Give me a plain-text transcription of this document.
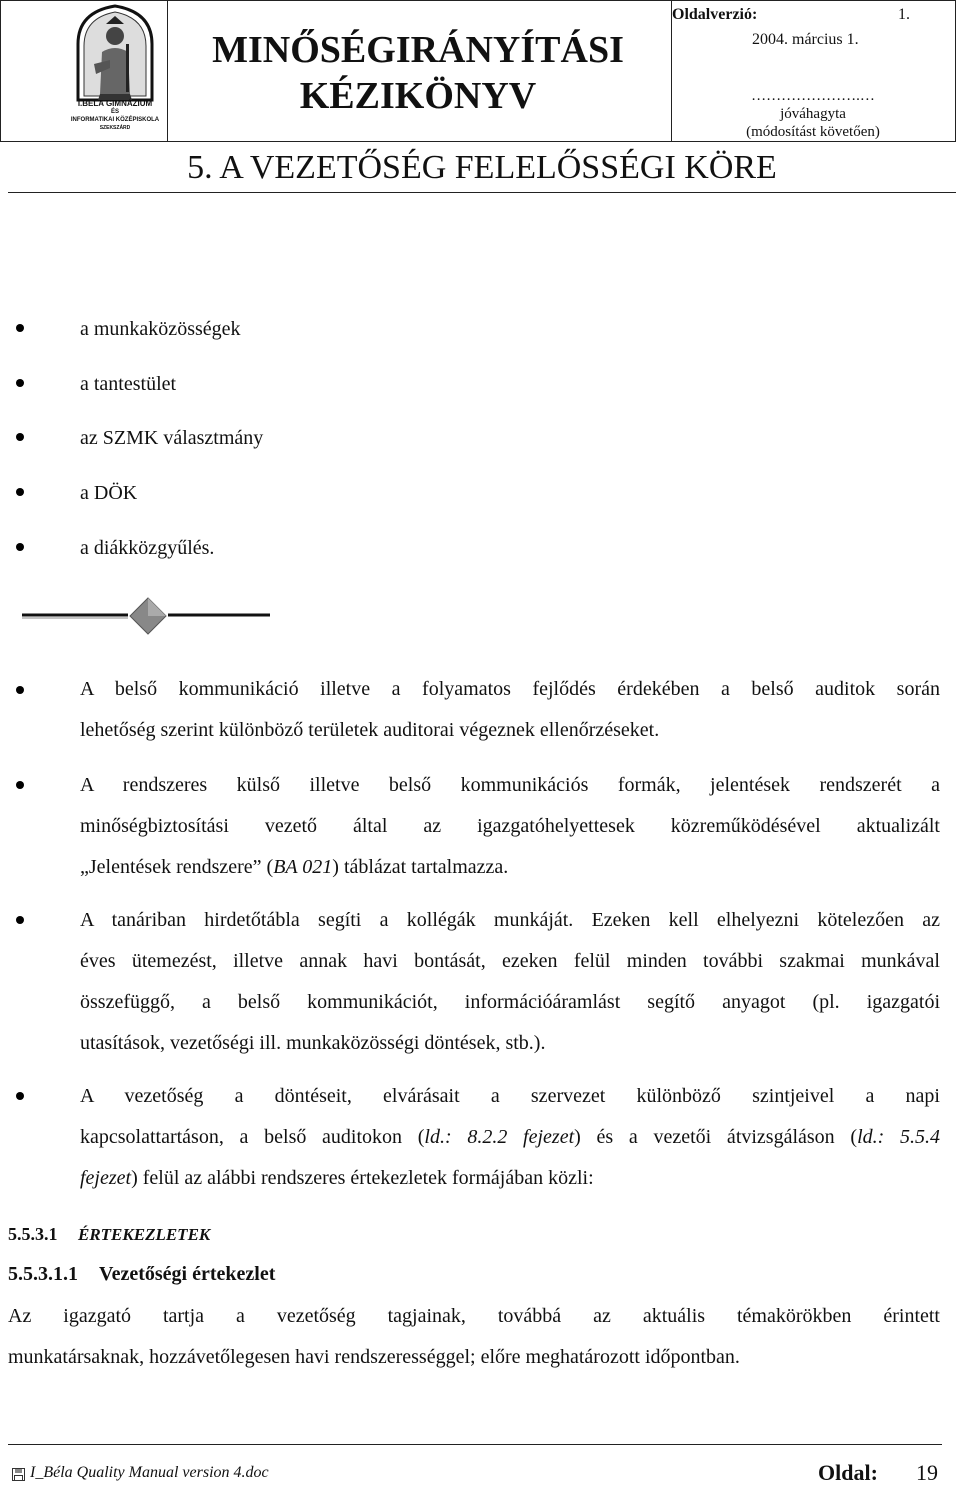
I.BÉLA GIMNÁZIUM
ÉS
INFORMATIKAI KÖZÉPISKOLA
SZEKSZÁRD
MINŐSÉGIRÁNYÍTÁSI
KÉZIKÖNYV
Oldalverzió:	1.
2004. március 1.
………………….…
jóváhagyta
(módosítást követően)
5. A VEZETŐSÉG FELELŐSSÉGI KÖRE
a munkaközösségek
a tantestület
az SZMK választmány
a DÖK
a diákközgyűlés.
A belső kommunikáció illetve a folyamatos fejlődés érdekében a belső auditok során
lehetőség szerint különböző területek auditorai végeznek ellenőrzéseket.
A rendszeres külső illetve belső kommunikációs formák, jelentések rendszerét a
minőségbiztosítási vezető által az igazgatóhelyettesek közreműködésével aktualizált
„Jelentések rendszere” (BA 021) táblázat tartalmazza.
A tanáriban hirdetőtábla segíti a kollégák munkáját. Ezeken kell elhelyezni kötelezően az
éves ütemezést, illetve annak havi bontását, ezeken felül minden további szakmai munkával
összefüggő, a belső kommunikációt, információáramlást segítő anyagot (pl. igazgatói
utasítások, vezetőségi ill. munkaközösségi döntések, stb.).
A vezetőség a döntéseit, elvárásait a szervezet különböző szintjeivel a napi
kapcsolattartáson, a belső auditokon (ld.: 8.2.2 fejezet) és a vezetői átvizsgáláson (ld.: 5.5.4
fejezet) felül az alábbi rendszeres értekezletek formájában közli:
5.5.3.1 ÉRTEKEZLETEK
5.5.3.1.1 Vezetőségi értekezlet
Az igazgató tartja a vezetőség tagjainak, továbbá az aktuális témakörökben érintett
munkatársaknak, hozzávetőlegesen havi rendszerességgel; előre meghatározott időpontban.
I_Béla Quality Manual version 4.doc	Oldal: 19
